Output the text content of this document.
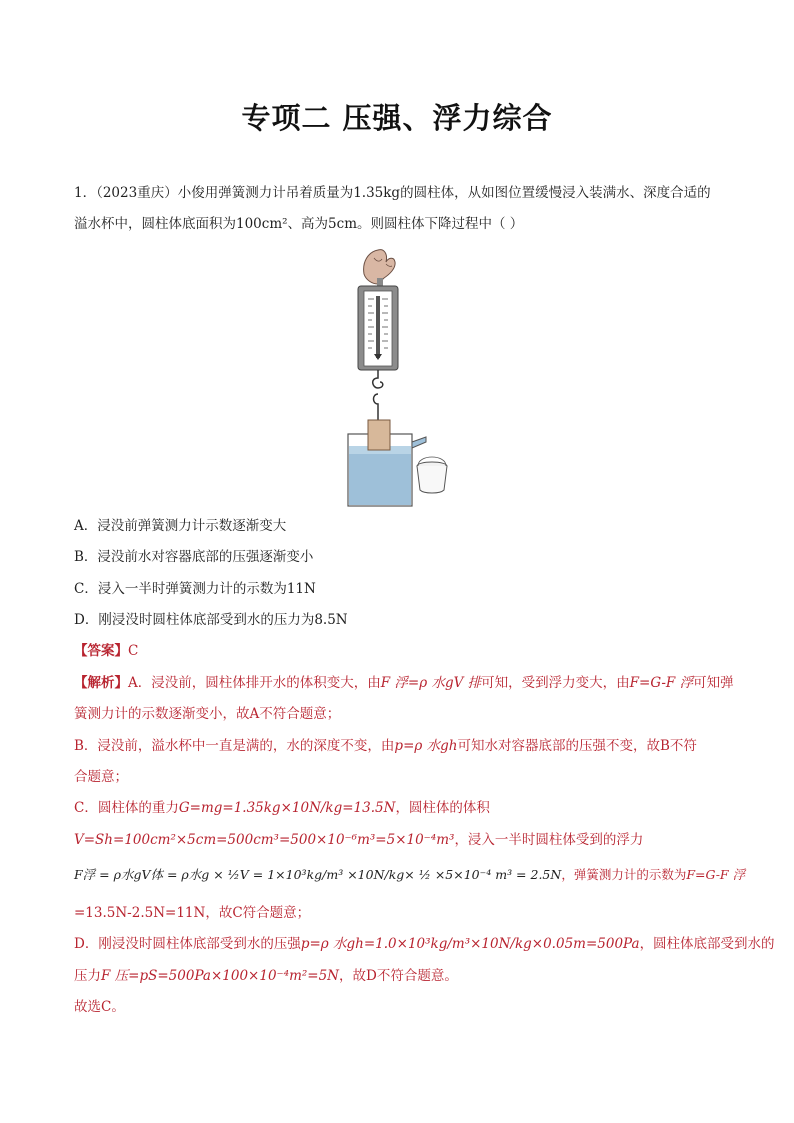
专项二 压强、浮力综合
1．（2023重庆）小俊用弹簧测力计吊着质量为1.35kg的圆柱体，从如图位置缓慢浸入装满水、深度合适的
溢水杯中，圆柱体底面积为100cm²、高为5cm。则圆柱体下降过程中（ ）
A．浸没前弹簧测力计示数逐渐变大
B．浸没前水对容器底部的压强逐渐变小
C．浸入一半时弹簧测力计的示数为11N
D．刚浸没时圆柱体底部受到水的压力为8.5N
【答案】C
【解析】A．浸没前，圆柱体排开水的体积变大，由F 浮=ρ 水gV 排可知，受到浮力变大，由F=G-F 浮可知弹
簧测力计的示数逐渐变小，故A不符合题意；
B．浸没前，溢水杯中一直是满的，水的深度不变，由p=ρ 水gh可知水对容器底部的压强不变，故B不符
合题意；
C．圆柱体的重力G=mg=1.35kg×10N/kg=13.5N，圆柱体的体积
V=Sh=100cm²×5cm=500cm³=500×10⁻⁶m³=5×10⁻⁴m³，浸入一半时圆柱体受到的浮力
F浮 = ρ水gV体 = ρ水g × ½V = 1×10³kg/m³ ×10N/kg× ½ ×5×10⁻⁴ m³ = 2.5N，弹簧测力计的示数为F=G-F 浮
=13.5N-2.5N=11N，故C符合题意；
D．刚浸没时圆柱体底部受到水的压强p=ρ 水gh=1.0×10³kg/m³×10N/kg×0.05m=500Pa，圆柱体底部受到水的
压力F 压=pS=500Pa×100×10⁻⁴m²=5N，故D不符合题意。
故选C。
